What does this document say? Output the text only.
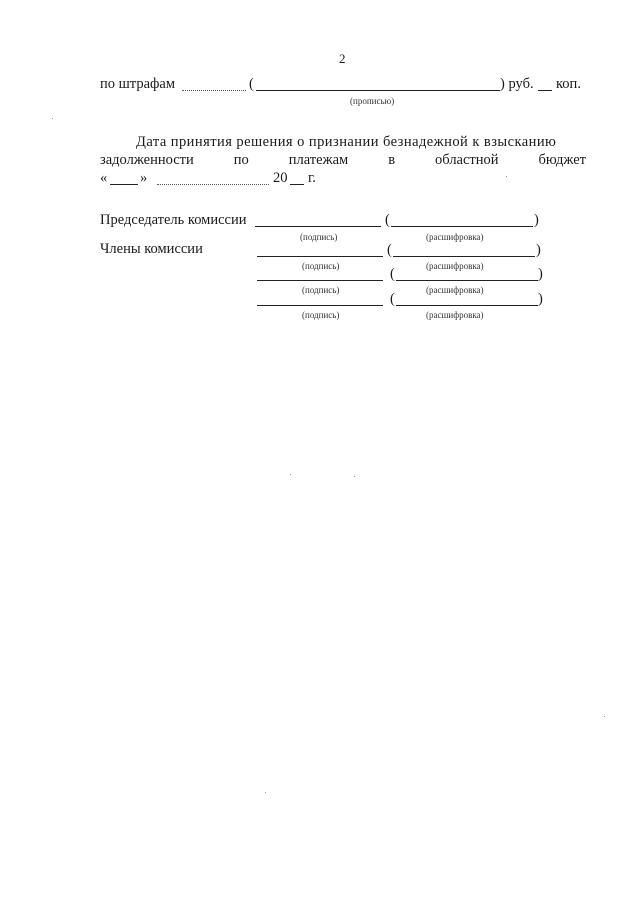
2
по штрафам	(	) руб. коп.
(прописью)
Дата принятия решения о признании безнадежной к взысканию
задолженности	по	платежам	в	областной	бюджет
« »	20 г.
Председатель комиссии	(	)
(подпись)	(расшифровка)
Члены комиссии	(	)
(подпись)	(расшифровка)
(	)
(подпись)	(расшифровка)
(	)
(подпись)	(расшифровка)
